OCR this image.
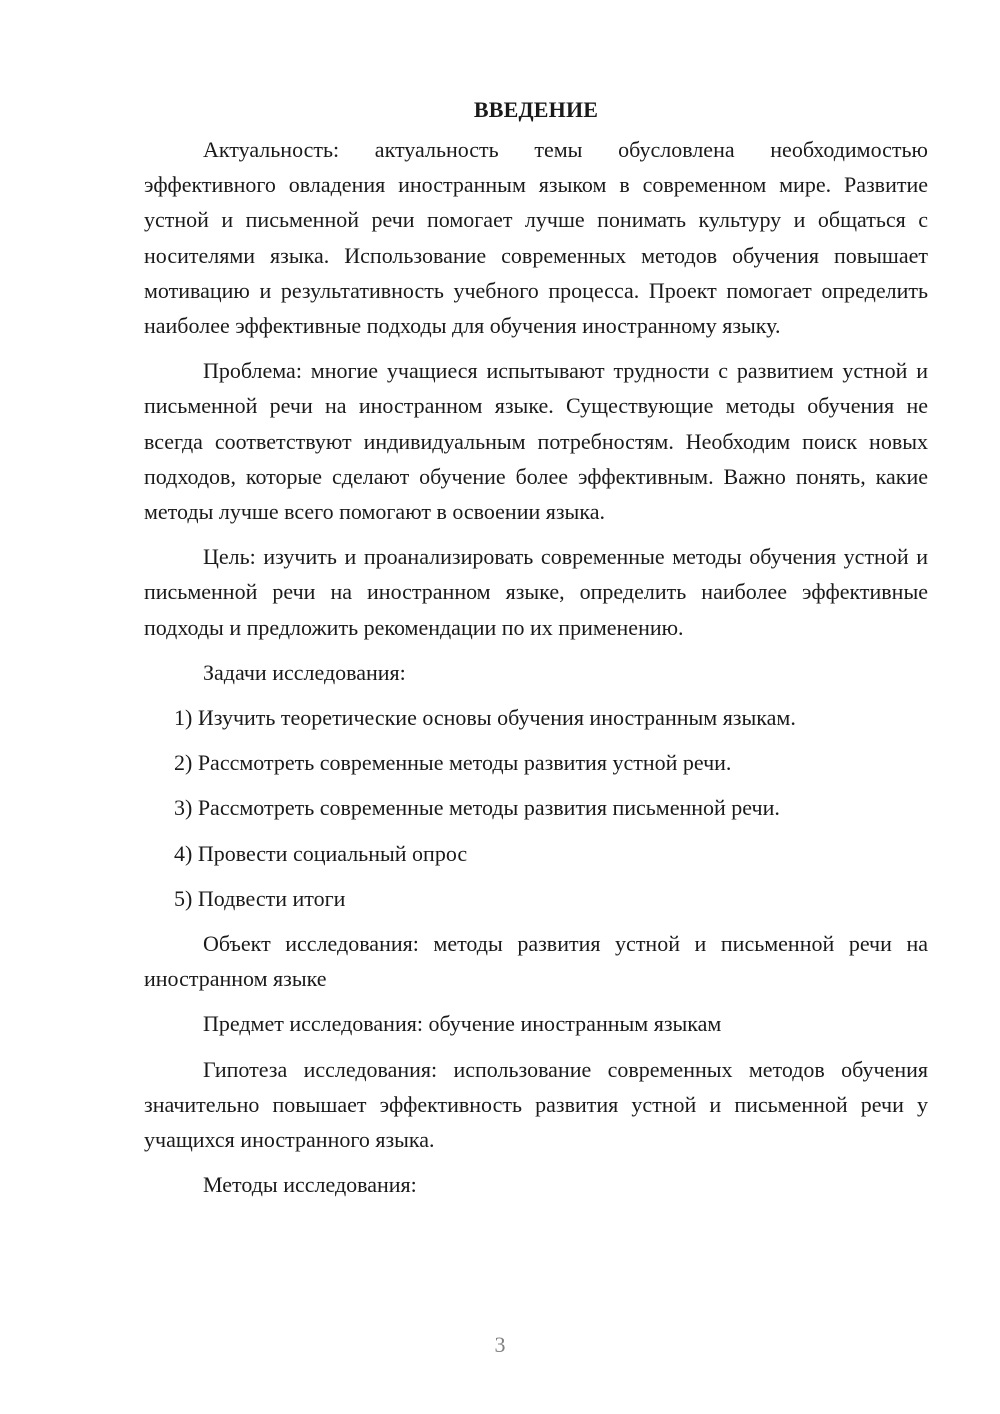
ВВЕДЕНИЕ

Актуальность: актуальность темы обусловлена необходимостью эффективного овладения иностранным языком в современном мире. Развитие устной и письменной речи помогает лучше понимать культуру и общаться с носителями языка. Использование современных методов обучения повышает мотивацию и результативность учебного процесса. Проект помогает определить наиболее эффективные подходы для обучения иностранному языку.

Проблема: многие учащиеся испытывают трудности с развитием устной и письменной речи на иностранном языке. Существующие методы обучения не всегда соответствуют индивидуальным потребностям. Необходим поиск новых подходов, которые сделают обучение более эффективным. Важно понять, какие методы лучше всего помогают в освоении языка.

Цель: изучить и проанализировать современные методы обучения устной и письменной речи на иностранном языке, определить наиболее эффективные подходы и предложить рекомендации по их применению.

Задачи исследования:

1) Изучить теоретические основы обучения иностранным языкам.
2) Рассмотреть современные методы развития устной речи.
3) Рассмотреть современные методы развития письменной речи.
4) Провести социальный опрос
5) Подвести итоги

Объект исследования: методы развития устной и письменной речи на иностранном языке

Предмет исследования: обучение иностранным языкам

Гипотеза исследования: использование современных методов обучения значительно повышает эффективность развития устной и письменной речи у учащихся иностранного языка.

Методы исследования:

3
